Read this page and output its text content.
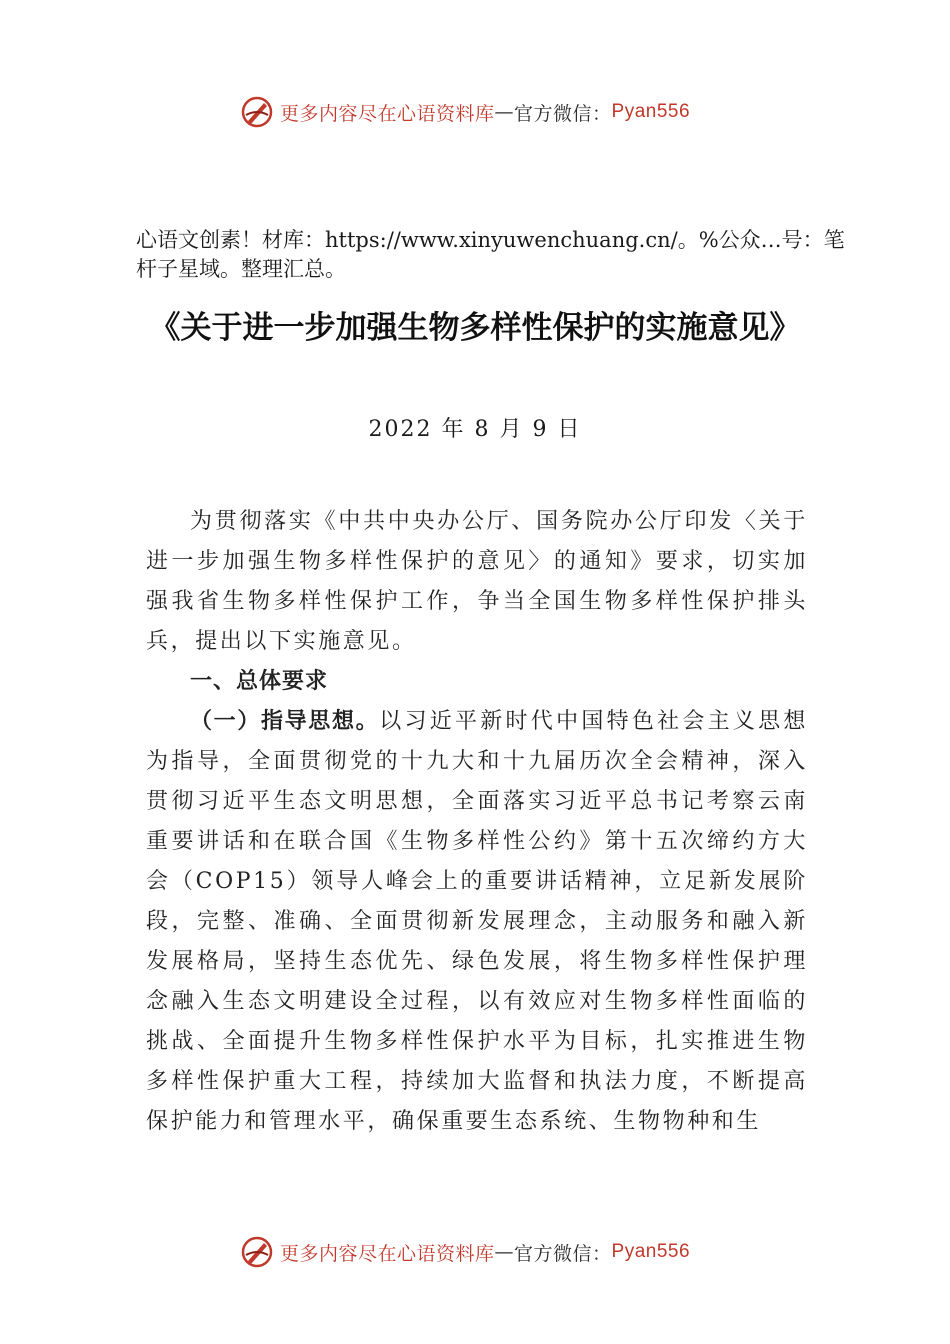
更多内容尽在心语资料库 — 官方微信： Pyan556
心语文创素！材库：https://www.xinyuwenchuang.cn/。%公众…号：笔杆子星域。整理汇总。
《关于进一步加强生物多样性保护的实施意见》
2022 年 8 月 9 日

为贯彻落实《中共中央办公厅、国务院办公厅印发〈关于进一步加强生物多样性保护的意见〉的通知》要求，切实加强我省生物多样性保护工作，争当全国生物多样性保护排头兵，提出以下实施意见。

一、总体要求

（一）指导思想。以习近平新时代中国特色社会主义思想为指导，全面贯彻党的十九大和十九届历次全会精神，深入贯彻习近平生态文明思想，全面落实习近平总书记考察云南重要讲话和在联合国《生物多样性公约》第十五次缔约方大会（COP15）领导人峰会上的重要讲话精神，立足新发展阶段，完整、准确、全面贯彻新发展理念，主动服务和融入新发展格局，坚持生态优先、绿色发展，将生物多样性保护理念融入生态文明建设全过程，以有效应对生物多样性面临的挑战、全面提升生物多样性保护水平为目标，扎实推进生物多样性保护重大工程，持续加大监督和执法力度，不断提高保护能力和管理水平，确保重要生态系统、生物物种和生

更多内容尽在心语资料库 — 官方微信： Pyan556
